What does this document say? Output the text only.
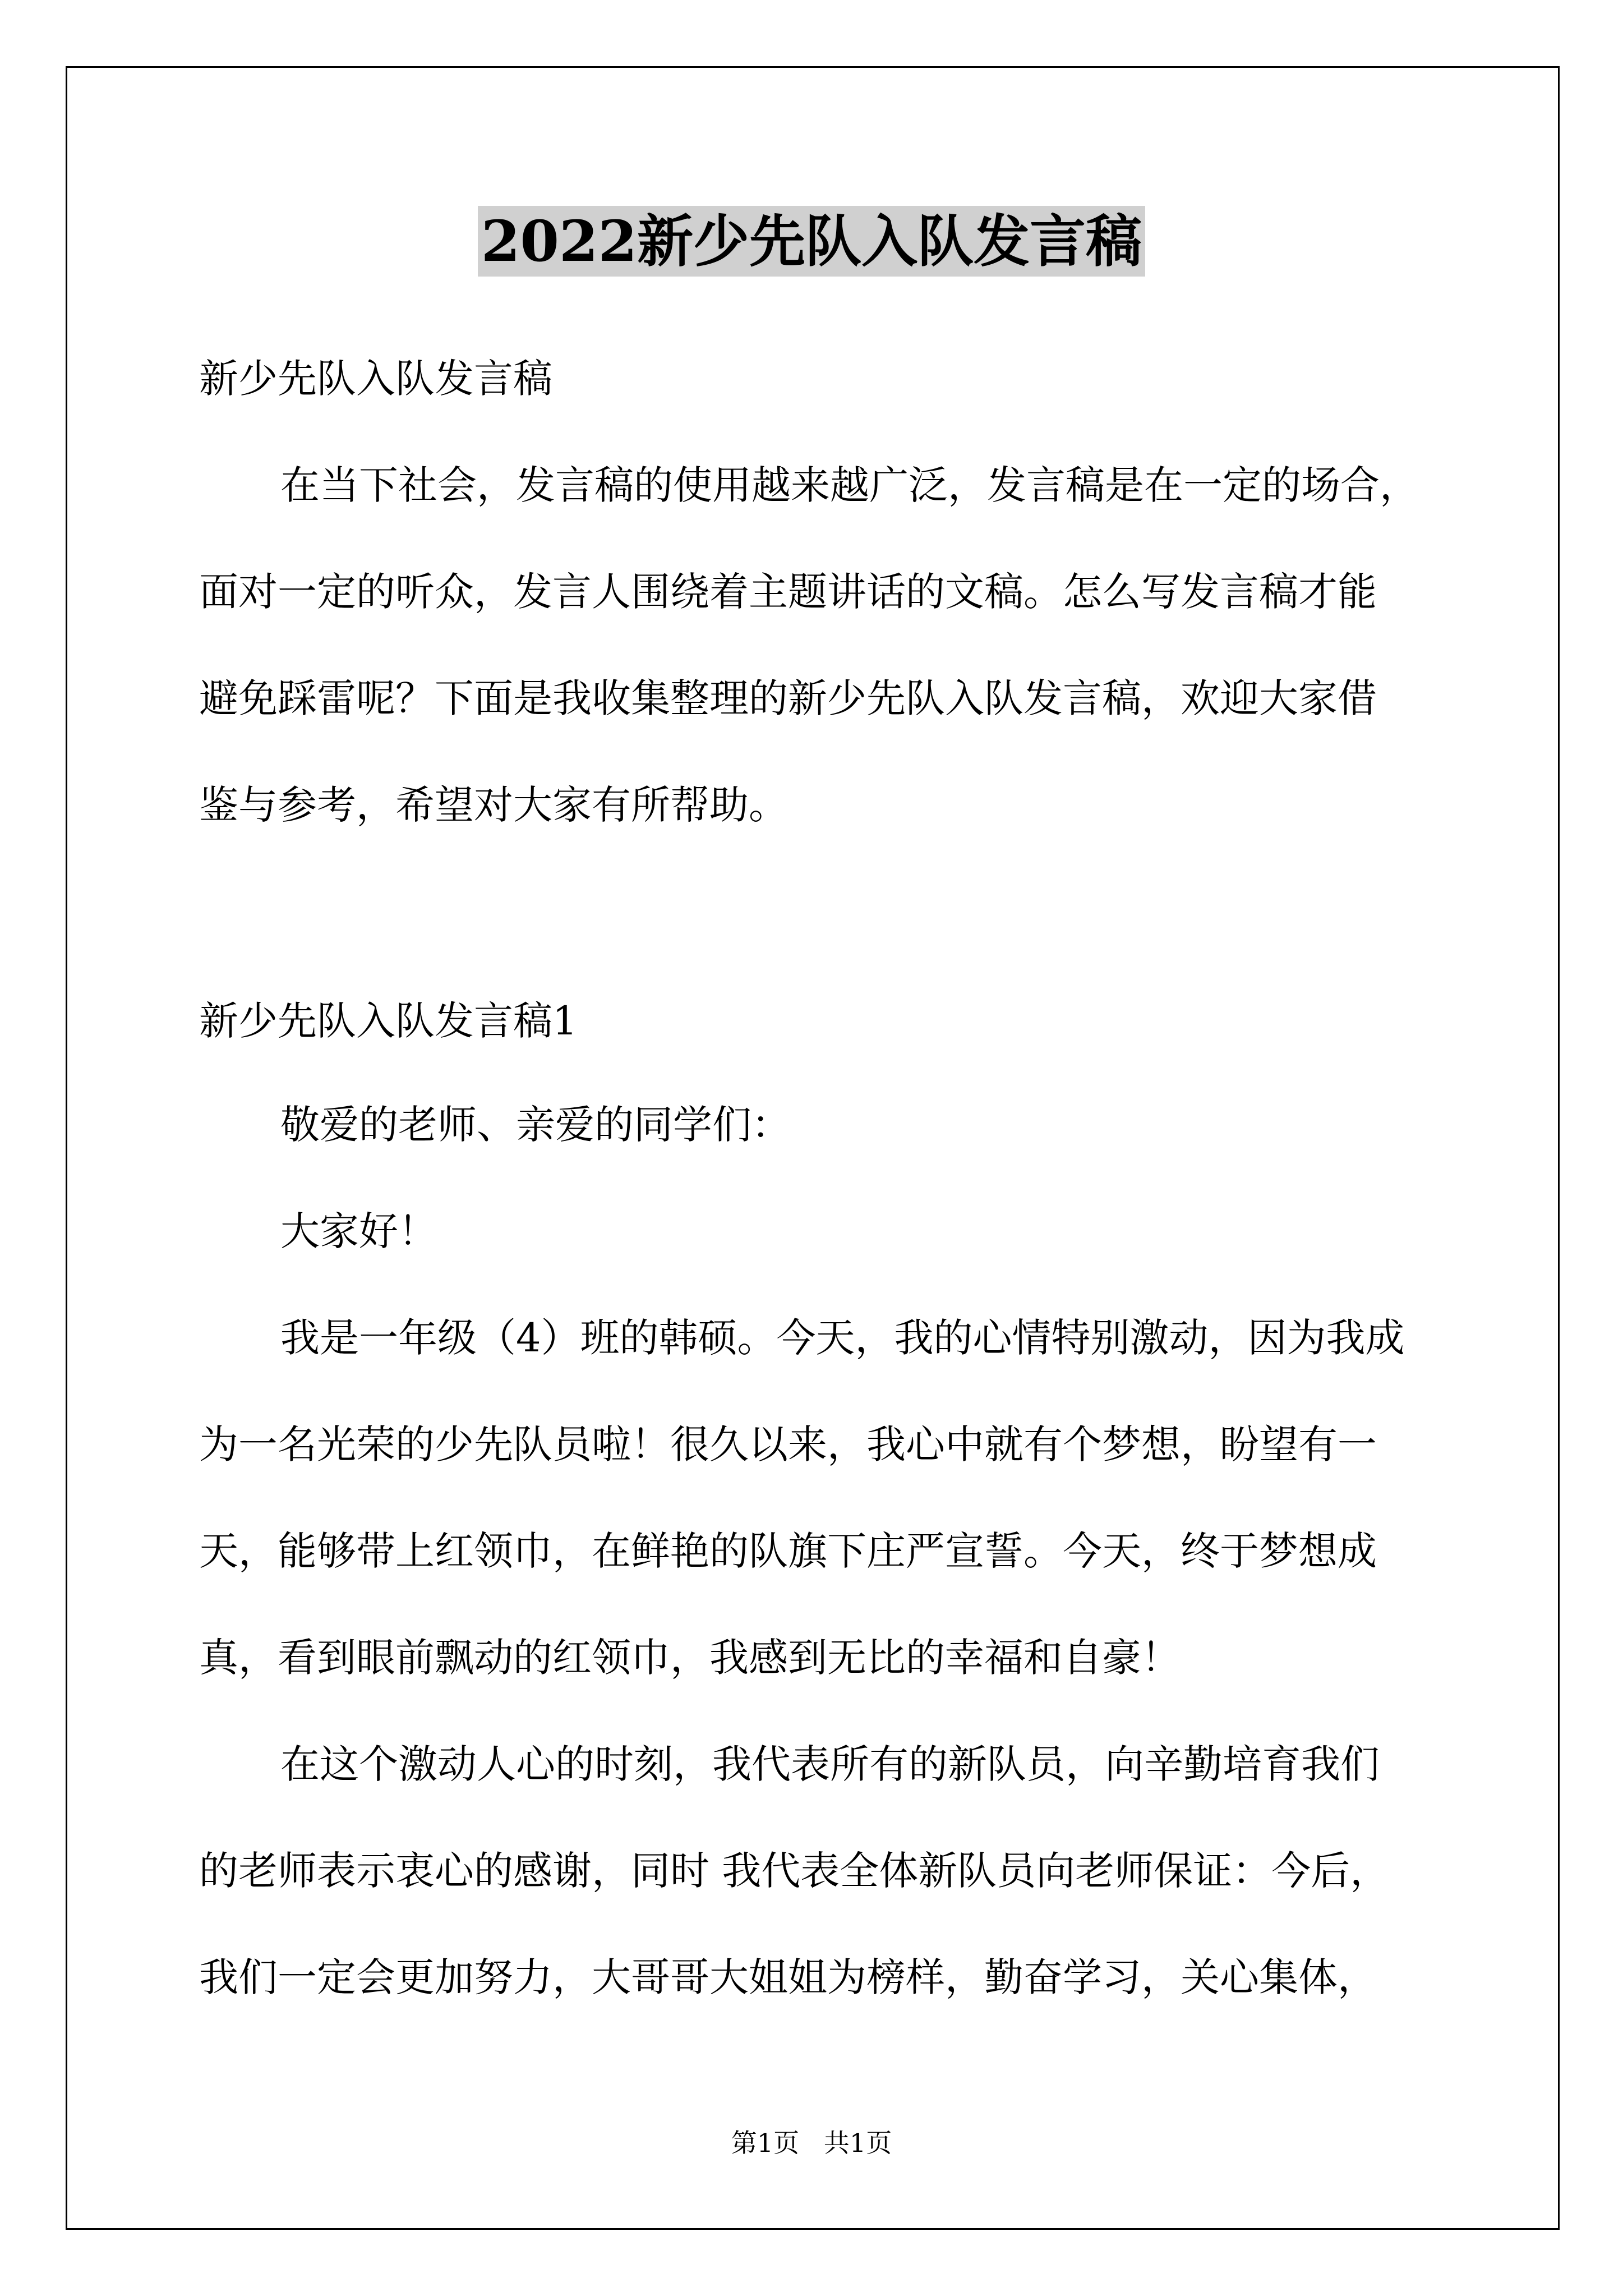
2022新少先队入队发言稿

新少先队入队发言稿

在当下社会，发言稿的使用越来越广泛，发言稿是在一定的场合，

面对一定的听众，发言人围绕着主题讲话的文稿。怎么写发言稿才能

避免踩雷呢？下面是我收集整理的新少先队入队发言稿，欢迎大家借

鉴与参考，希望对大家有所帮助。

新少先队入队发言稿1

敬爱的老师、亲爱的同学们：

大家好！

我是一年级（4）班的韩硕。今天，我的心情特别激动，因为我成

为一名光荣的少先队员啦！很久以来，我心中就有个梦想，盼望有一

天，能够带上红领巾，在鲜艳的队旗下庄严宣誓。今天，终于梦想成

真，看到眼前飘动的红领巾，我感到无比的幸福和自豪！

在这个激动人心的时刻，我代表所有的新队员，向辛勤培育我们

的老师表示衷心的感谢，同时 我代表全体新队员向老师保证：今后，

我们一定会更加努力，大哥哥大姐姐为榜样，勤奋学习，关心集体，

第1页   共1页
